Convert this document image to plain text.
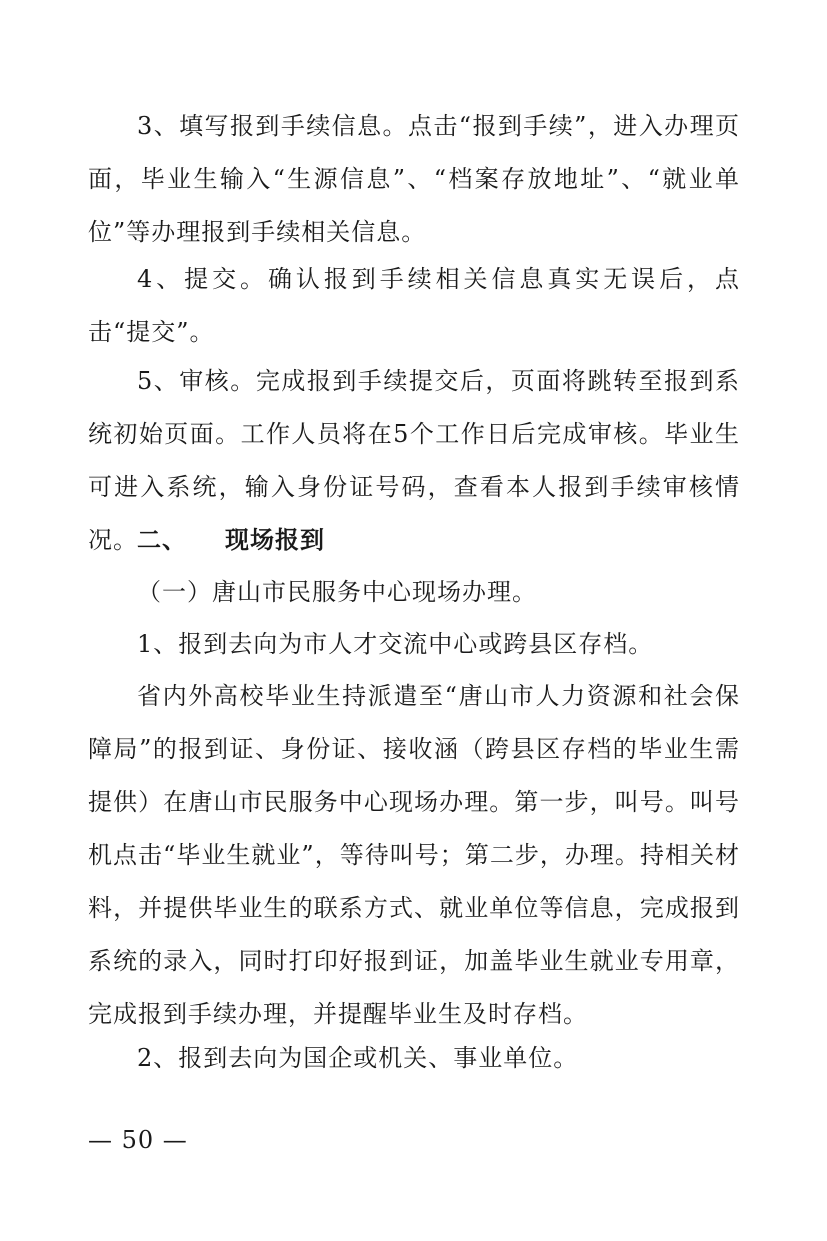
3、填写报到手续信息。点击“报到手续”，进入办理页面，毕业生输入“生源信息”、“档案存放地址”、“就业单位”等办理报到手续相关信息。

4、提交。确认报到手续相关信息真实无误后，点击“提交”。

5、审核。完成报到手续提交后，页面将跳转至报到系统初始页面。工作人员将在5个工作日后完成审核。毕业生可进入系统，输入身份证号码，查看本人报到手续审核情况。 二、 现场报到

（一）唐山市民服务中心现场办理。

1、报到去向为市人才交流中心或跨县区存档。

省内外高校毕业生持派遣至“唐山市人力资源和社会保障局”的报到证、身份证、接收涵（跨县区存档的毕业生需提供）在唐山市民服务中心现场办理。第一步，叫号。叫号机点击“毕业生就业”，等待叫号；第二步，办理。持相关材料，并提供毕业生的联系方式、就业单位等信息，完成报到系统的录入，同时打印好报到证，加盖毕业生就业专用章，完成报到手续办理，并提醒毕业生及时存档。

2、报到去向为国企或机关、事业单位。

— 50 —
